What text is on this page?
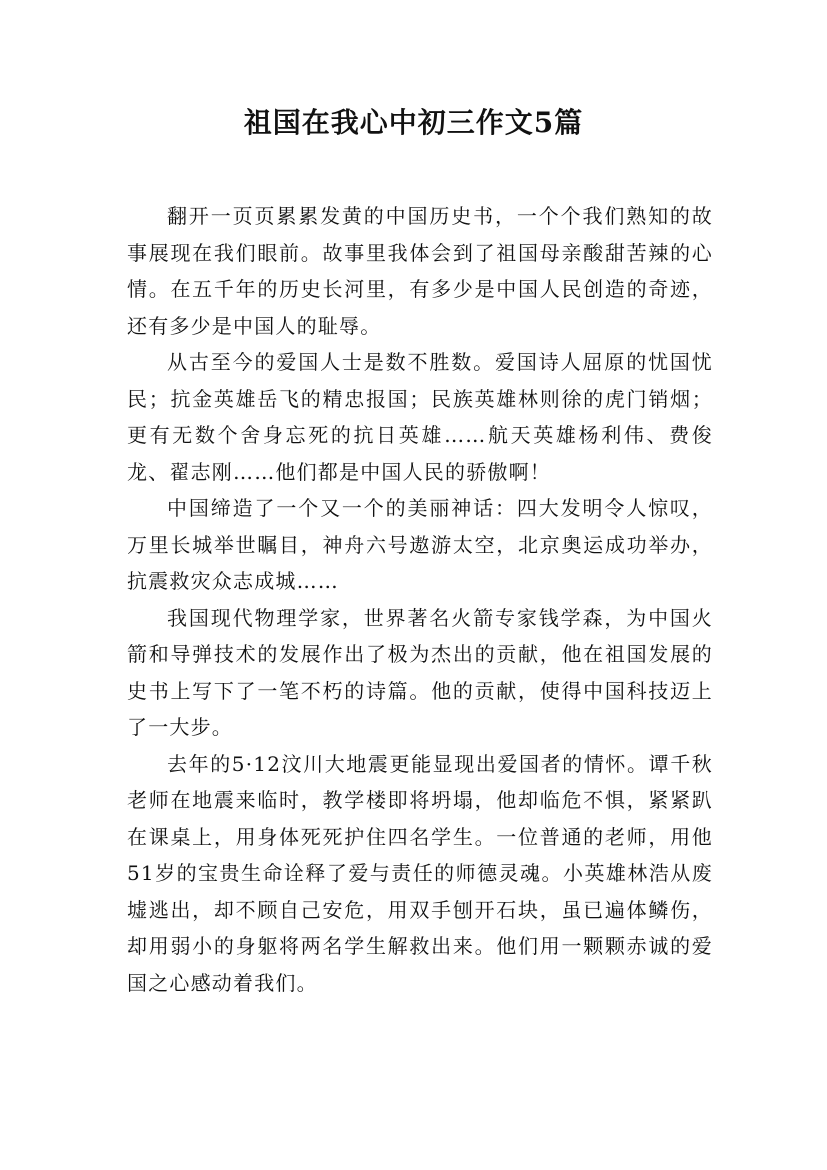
祖国在我心中初三作文5篇

翻开一页页累累发黄的中国历史书，一个个我们熟知的故事展现在我们眼前。故事里我体会到了祖国母亲酸甜苦辣的心情。在五千年的历史长河里，有多少是中国人民创造的奇迹，还有多少是中国人的耻辱。

从古至今的爱国人士是数不胜数。爱国诗人屈原的忧国忧民；抗金英雄岳飞的精忠报国；民族英雄林则徐的虎门销烟；更有无数个舍身忘死的抗日英雄……航天英雄杨利伟、费俊龙、翟志刚……他们都是中国人民的骄傲啊！

中国缔造了一个又一个的美丽神话：四大发明令人惊叹，万里长城举世瞩目，神舟六号遨游太空，北京奥运成功举办，抗震救灾众志成城……

我国现代物理学家，世界著名火箭专家钱学森，为中国火箭和导弹技术的发展作出了极为杰出的贡献，他在祖国发展的史书上写下了一笔不朽的诗篇。他的贡献，使得中国科技迈上了一大步。

去年的5·12汶川大地震更能显现出爱国者的情怀。谭千秋老师在地震来临时，教学楼即将坍塌，他却临危不惧，紧紧趴在课桌上，用身体死死护住四名学生。一位普通的老师，用他51岁的宝贵生命诠释了爱与责任的师德灵魂。小英雄林浩从废墟逃出，却不顾自己安危，用双手刨开石块，虽已遍体鳞伤，却用弱小的身躯将两名学生解救出来。他们用一颗颗赤诚的爱国之心感动着我们。
